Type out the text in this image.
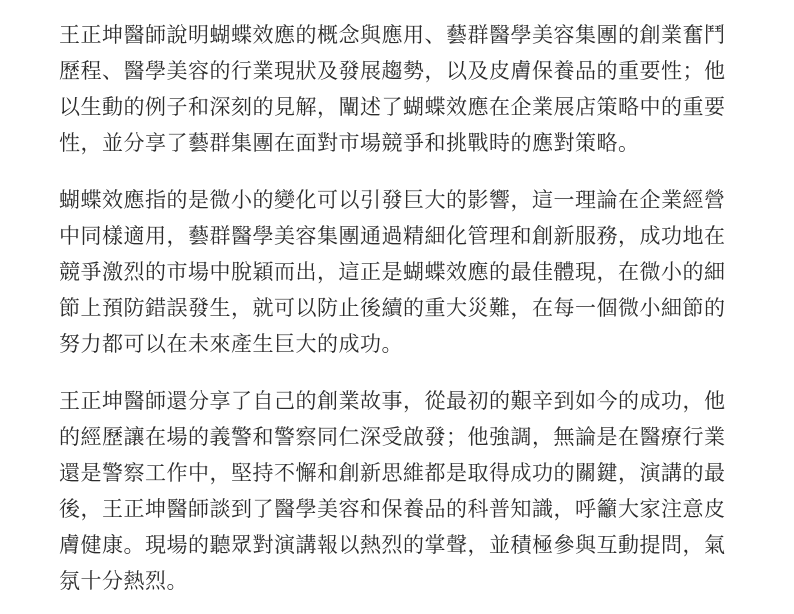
王正坤醫師說明蝴蝶效應的概念與應用、藝群醫學美容集團的創業奮鬥
歷程、醫學美容的行業現狀及發展趨勢，以及皮膚保養品的重要性；他
以生動的例子和深刻的見解，闡述了蝴蝶效應在企業展店策略中的重要
性，並分享了藝群集團在面對市場競爭和挑戰時的應對策略。
蝴蝶效應指的是微小的變化可以引發巨大的影響，這一理論在企業經營
中同樣適用，藝群醫學美容集團通過精細化管理和創新服務，成功地在
競爭激烈的市場中脫穎而出，這正是蝴蝶效應的最佳體現，在微小的細
節上預防錯誤發生，就可以防止後續的重大災難，在每一個微小細節的
努力都可以在未來產生巨大的成功。
王正坤醫師還分享了自己的創業故事，從最初的艱辛到如今的成功，他
的經歷讓在場的義警和警察同仁深受啟發；他強調，無論是在醫療行業
還是警察工作中，堅持不懈和創新思維都是取得成功的關鍵，演講的最
後，王正坤醫師談到了醫學美容和保養品的科普知識，呼籲大家注意皮
膚健康。現場的聽眾對演講報以熱烈的掌聲，並積極參與互動提問，氣
氛十分熱烈。
